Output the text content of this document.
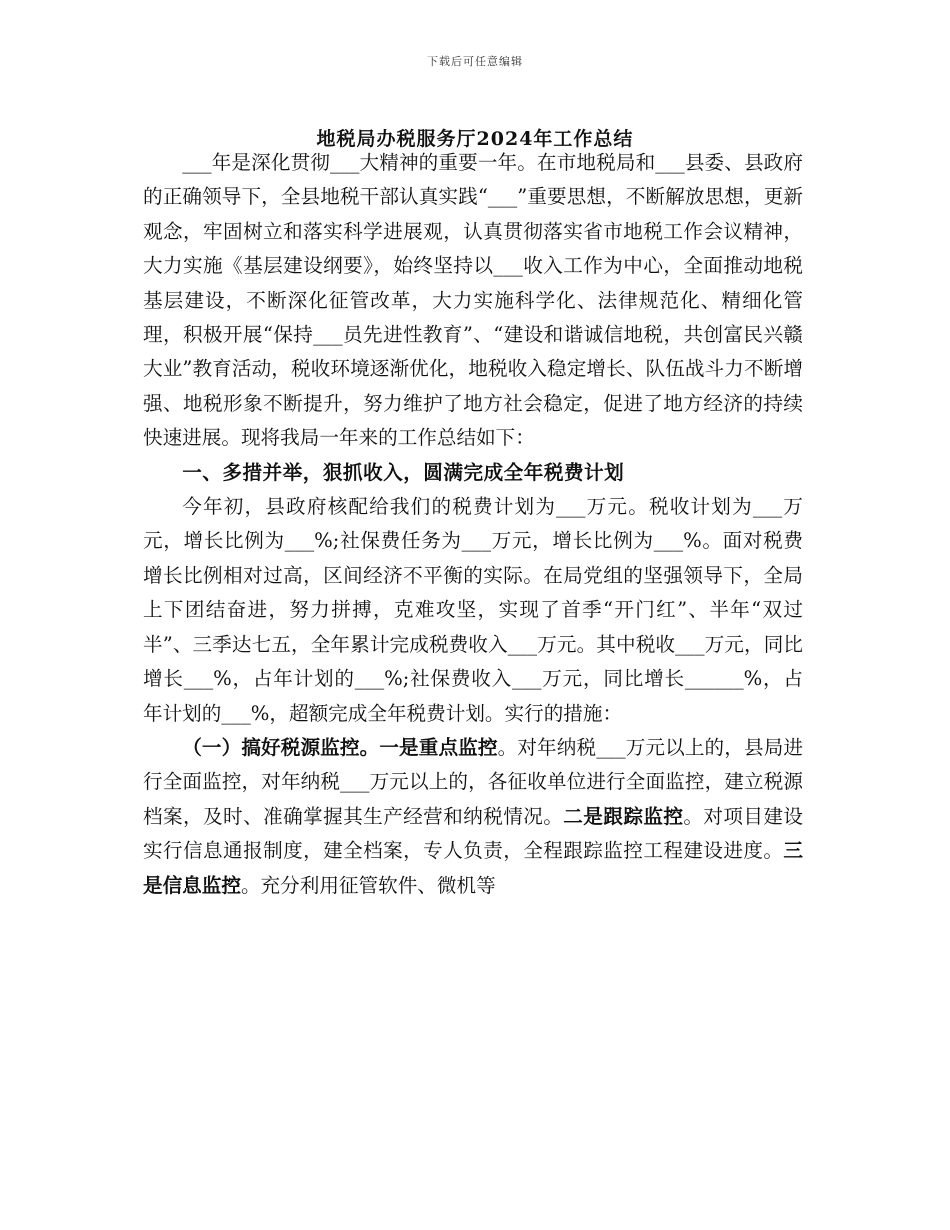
下载后可任意编辑
地税局办税服务厅2024年工作总结

___年是深化贯彻___大精神的重要一年。在市地税局和___县委、县政府的正确领导下，全县地税干部认真实践“___”重要思想，不断解放思想，更新观念，牢固树立和落实科学进展观，认真贯彻落实省市地税工作会议精神，大力实施《基层建设纲要》，始终坚持以___收入工作为中心，全面推动地税基层建设，不断深化征管改革，大力实施科学化、法律规范化、精细化管理，积极开展“保持___员先进性教育”、“建设和谐诚信地税，共创富民兴赣大业”教育活动，税收环境逐渐优化，地税收入稳定增长、队伍战斗力不断增强、地税形象不断提升，努力维护了地方社会稳定，促进了地方经济的持续快速进展。现将我局一年来的工作总结如下：

一、多措并举，狠抓收入，圆满完成全年税费计划

今年初，县政府核配给我们的税费计划为___万元。税收计划为___万元，增长比例为___%;社保费任务为___万元，增长比例为___%。面对税费增长比例相对过高，区间经济不平衡的实际。在局党组的坚强领导下，全局上下团结奋进，努力拼搏，克难攻坚，实现了首季“开门红”、半年“双过半”、三季达七五，全年累计完成税费收入___万元。其中税收___万元，同比增长___%，占年计划的___%;社保费收入___万元，同比增长______%，占年计划的___%，超额完成全年税费计划。实行的措施：

（一）搞好税源监控。一是重点监控。对年纳税___万元以上的，县局进行全面监控，对年纳税___万元以上的，各征收单位进行全面监控，建立税源档案，及时、准确掌握其生产经营和纳税情况。二是跟踪监控。对项目建设实行信息通报制度，建全档案，专人负责，全程跟踪监控工程建设进度。三是信息监控。充分利用征管软件、微机等
